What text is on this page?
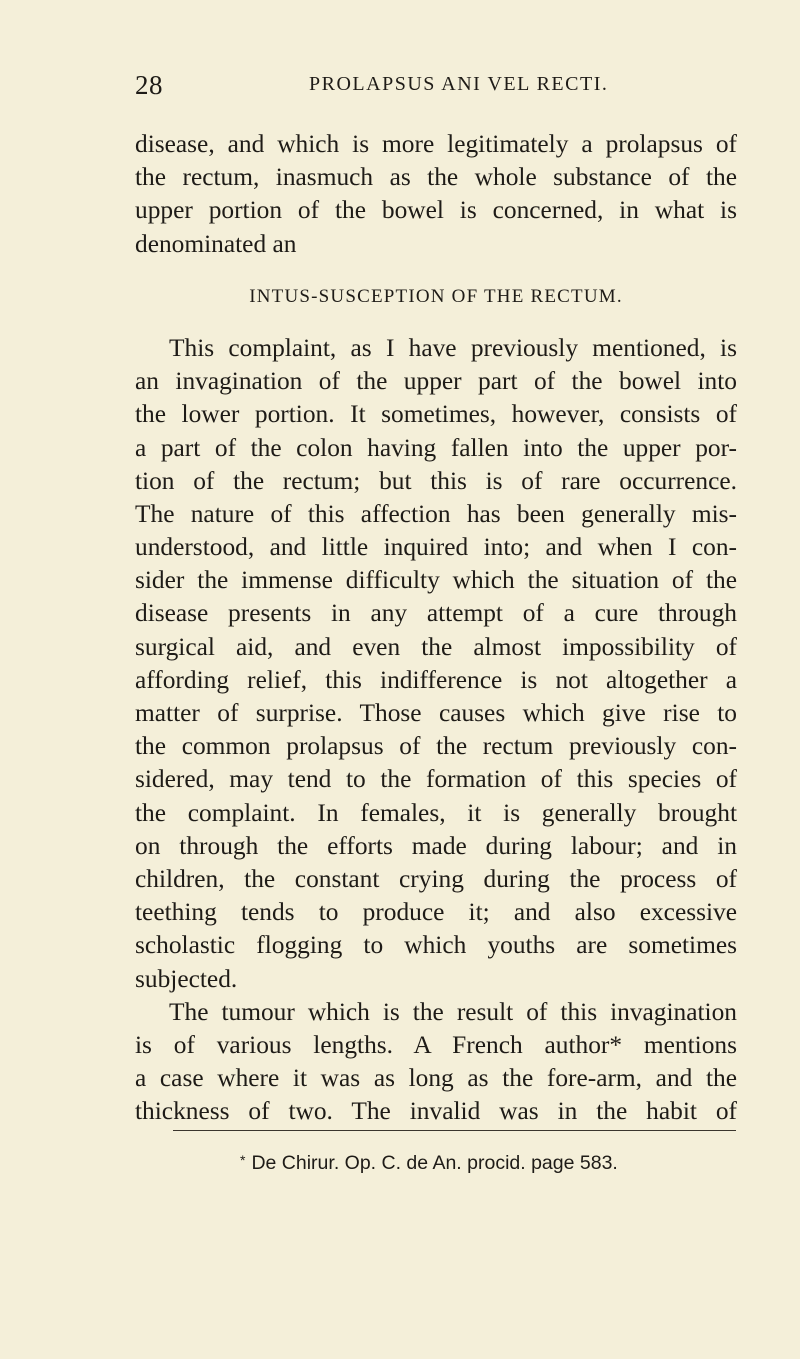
28	PROLAPSUS ANI VEL RECTI.
disease, and which is more legitimately a prolapsus of
the rectum, inasmuch as the whole substance of the
upper portion of the bowel is concerned, in what is
denominated an
INTUS-SUSCEPTION OF THE RECTUM.
This complaint, as I have previously mentioned, is
an invagination of the upper part of the bowel into
the lower portion. It sometimes, however, consists of
a part of the colon having fallen into the upper por-
tion of the rectum; but this is of rare occurrence.
The nature of this affection has been generally mis-
understood, and little inquired into; and when I con-
sider the immense difficulty which the situation of the
disease presents in any attempt of a cure through
surgical aid, and even the almost impossibility of
affording relief, this indifference is not altogether a
matter of surprise. Those causes which give rise to
the common prolapsus of the rectum previously con-
sidered, may tend to the formation of this species of
the complaint. In females, it is generally brought
on through the efforts made during labour; and in
children, the constant crying during the process of
teething tends to produce it; and also excessive
scholastic flogging to which youths are sometimes
subjected.
The tumour which is the result of this invagination
is of various lengths. A French author* mentions
a case where it was as long as the fore-arm, and the
thickness of two. The invalid was in the habit of
* De Chirur. Op. C. de An. procid. page 583.
